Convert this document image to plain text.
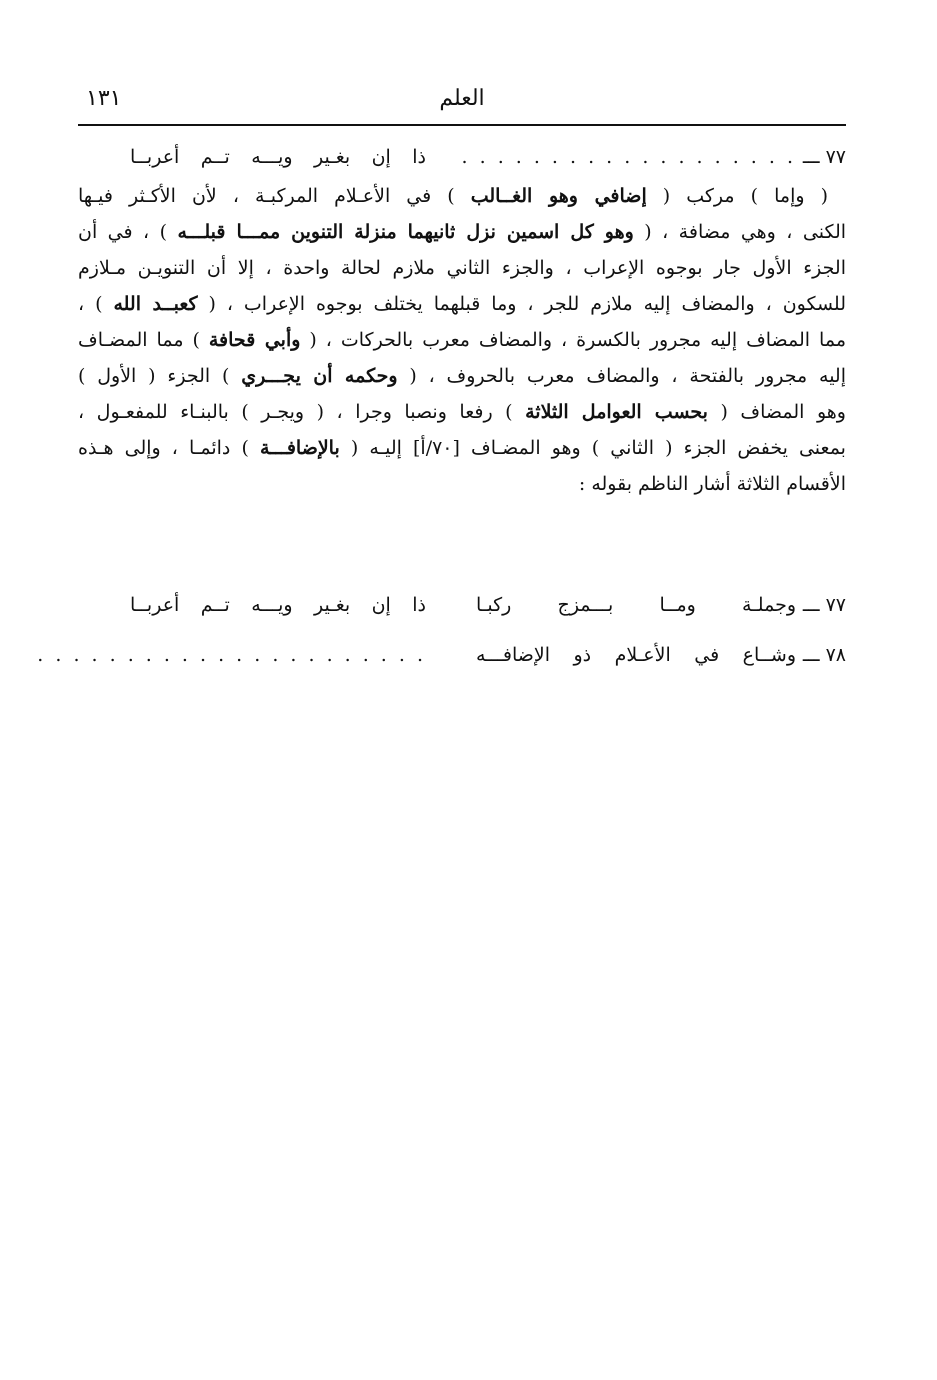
١٣١	العلم
٧٧ ـــ
. . . . . . . . . . . . . . . . . . .
ذا إن بغـير ويـــه تــم أعربــا
( وإما ) مركب ( إضافي وهو الغــالب ) في الأعـلام المركبـة ، لأن الأكـثر فيـها
الكنى ، وهي مضافة ، ( وهو كل اسمين نزل ثانيهما منزلة التنوين ممـــا قبلـــه ) ، في أن
الجزء الأول جار بوجوه الإعراب ، والجزء الثاني ملازم لحالة واحدة ، إلا أن التنويـن مـلازم
للسكون ، والمضاف إليه ملازم للجر ، وما قبلهما يختلف بوجوه الإعراب ، ( كعبــد الله ) ،
مما المضاف إليه مجرور بالكسرة ، والمضاف معرب بالحركات ، ( وأبي قحافة ) مما المضـاف
إليه مجرور بالفتحة ، والمضاف معرب بالحروف ، ( وحكمه أن يجـــري ) الجزء ( الأول )
وهو المضاف ( بحسب العوامل الثلاثة ) رفعا ونصبا وجرا ، ( ويجـر ) بالبنـاء للمفعـول ،
بمعنى يخفض الجزء ( الثاني ) وهو المضـاف [٧٠/أ] إليـه ( بالإضافـــة ) دائمـا ، وإلى هـذه
الأقسام الثلاثة أشار الناظم بقوله :
٧٧ ـــ
وجملـة ومــا بـــمزج ركبـا
ذا إن بغـير ويـــه تــم أعربــا
٧٨ ـــ
وشــاع في الأعـلام ذو الإضافـــه
. . . . . . . . . . . . . . . . . . . . . .
